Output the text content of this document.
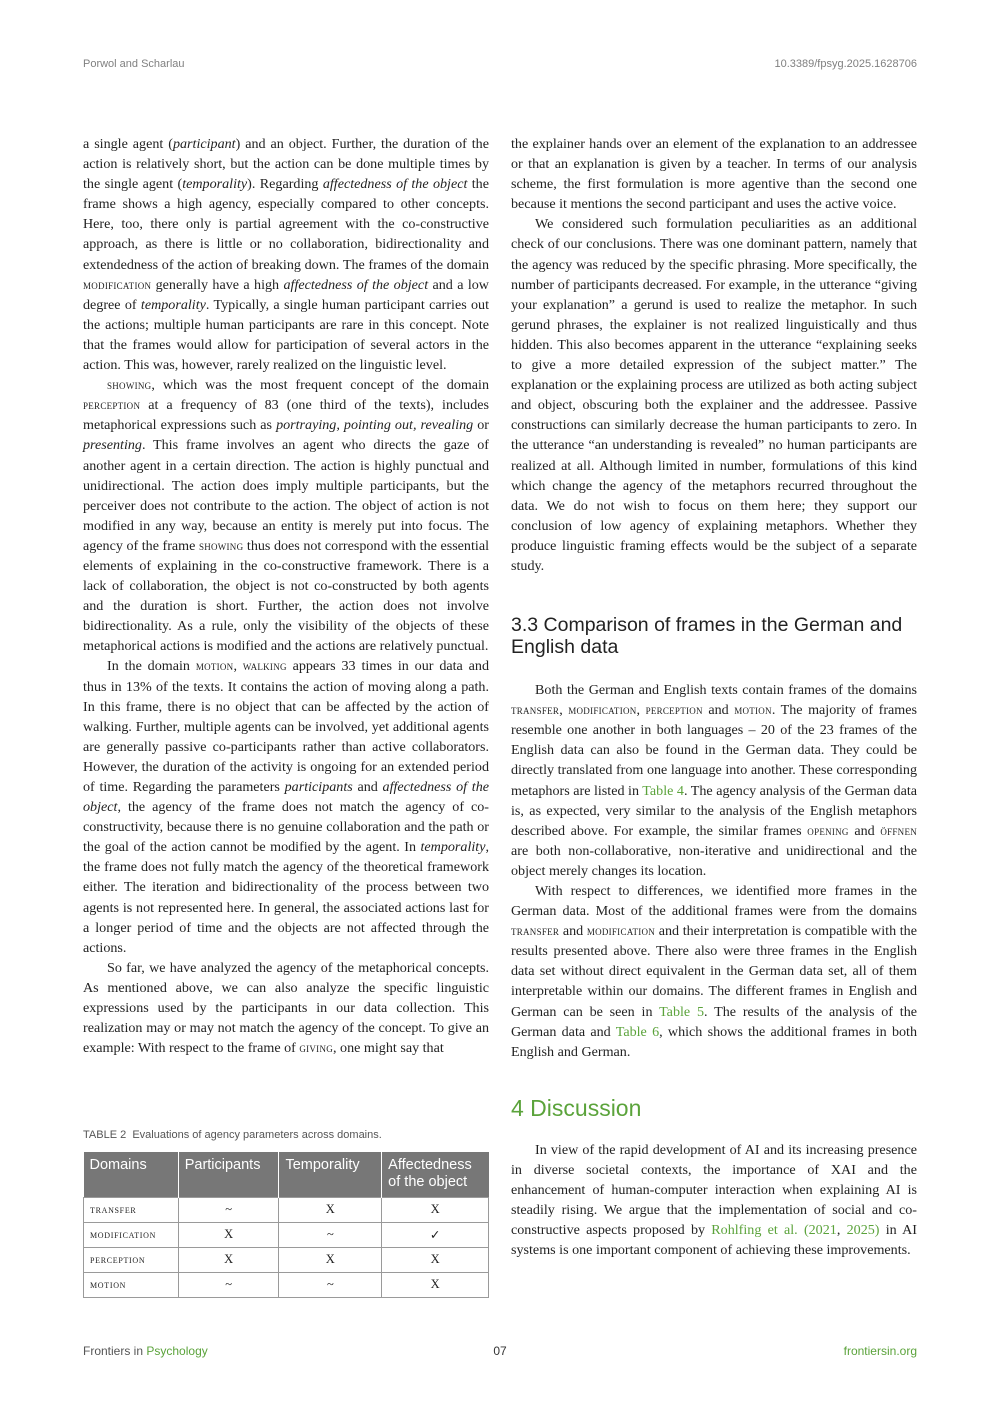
Porwol and Scharlau	10.3389/fpsyg.2025.1628706

a single agent (participant) and an object. Further, the duration of the action is relatively short, but the action can be done multiple times by the single agent (temporality). Regarding affectedness of the object the frame shows a high agency, especially compared to other concepts. Here, too, there only is partial agreement with the co-constructive approach, as there is little or no collaboration, bidirectionality and extendedness of the action of breaking down. The frames of the domain modification generally have a high affectedness of the object and a low degree of temporality. Typically, a single human participant carries out the actions; multiple human participants are rare in this concept. Note that the frames would allow for participation of several actors in the action. This was, however, rarely realized on the linguistic level.

showing, which was the most frequent concept of the domain perception at a frequency of 83 (one third of the texts), includes metaphorical expressions such as portraying, pointing out, revealing or presenting. This frame involves an agent who directs the gaze of another agent in a certain direction. The action is highly punctual and unidirectional. The action does imply multiple participants, but the perceiver does not contribute to the action. The object of action is not modified in any way, because an entity is merely put into focus. The agency of the frame showing thus does not correspond with the essential elements of explaining in the co-constructive framework. There is a lack of collaboration, the object is not co-constructed by both agents and the duration is short. Further, the action does not involve bidirectionality. As a rule, only the visibility of the objects of these metaphorical actions is modified and the actions are relatively punctual.

In the domain motion, walking appears 33 times in our data and thus in 13% of the texts. It contains the action of moving along a path. In this frame, there is no object that can be affected by the action of walking. Further, multiple agents can be involved, yet additional agents are generally passive co-participants rather than active collaborators. However, the duration of the activity is ongoing for an extended period of time. Regarding the parameters participants and affectedness of the object, the agency of the frame does not match the agency of co-constructivity, because there is no genuine collaboration and the path or the goal of the action cannot be modified by the agent. In temporality, the frame does not fully match the agency of the theoretical framework either. The iteration and bidirectionality of the process between two agents is not represented here. In general, the associated actions last for a longer period of time and the objects are not affected through the actions.

So far, we have analyzed the agency of the metaphorical concepts. As mentioned above, we can also analyze the specific linguistic expressions used by the participants in our data collection. This realization may or may not match the agency of the concept. To give an example: With respect to the frame of giving, one might say that

TABLE 2 Evaluations of agency parameters across domains.
Domains	Participants	Temporality	Affectedness of the object
transfer	~	X	X
modification	X	~	✓
perception	X	X	X
motion	~	~	X

the explainer hands over an element of the explanation to an addressee or that an explanation is given by a teacher. In terms of our analysis scheme, the first formulation is more agentive than the second one because it mentions the second participant and uses the active voice.

We considered such formulation peculiarities as an additional check of our conclusions. There was one dominant pattern, namely that the agency was reduced by the specific phrasing. More specifically, the number of participants decreased. For example, in the utterance “giving your explanation” a gerund is used to realize the metaphor. In such gerund phrases, the explainer is not realized linguistically and thus hidden. This also becomes apparent in the utterance “explaining seeks to give a more detailed expression of the subject matter.” The explanation or the explaining process are utilized as both acting subject and object, obscuring both the explainer and the addressee. Passive constructions can similarly decrease the human participants to zero. In the utterance “an understanding is revealed” no human participants are realized at all. Although limited in number, formulations of this kind which change the agency of the metaphors recurred throughout the data. We do not wish to focus on them here; they support our conclusion of low agency of explaining metaphors. Whether they produce linguistic framing effects would be the subject of a separate study.

3.3 Comparison of frames in the German and English data

Both the German and English texts contain frames of the domains transfer, modification, perception and motion. The majority of frames resemble one another in both languages – 20 of the 23 frames of the English data can also be found in the German data. They could be directly translated from one language into another. These corresponding metaphors are listed in Table 4. The agency analysis of the German data is, as expected, very similar to the analysis of the English metaphors described above. For example, the similar frames opening and öffnen are both non-collaborative, non-iterative and unidirectional and the object merely changes its location.

With respect to differences, we identified more frames in the German data. Most of the additional frames were from the domains transfer and modification and their interpretation is compatible with the results presented above. There also were three frames in the English data set without direct equivalent in the German data set, all of them interpretable within our domains. The different frames in English and German can be seen in Table 5. The results of the analysis of the German data and Table 6, which shows the additional frames in both English and German.

4 Discussion

In view of the rapid development of AI and its increasing presence in diverse societal contexts, the importance of XAI and the enhancement of human-computer interaction when explaining AI is steadily rising. We argue that the implementation of social and co-constructive aspects proposed by Rohlfing et al. (2021, 2025) in AI systems is one important component of achieving these improvements.

Frontiers in Psychology	07	frontiersin.org
